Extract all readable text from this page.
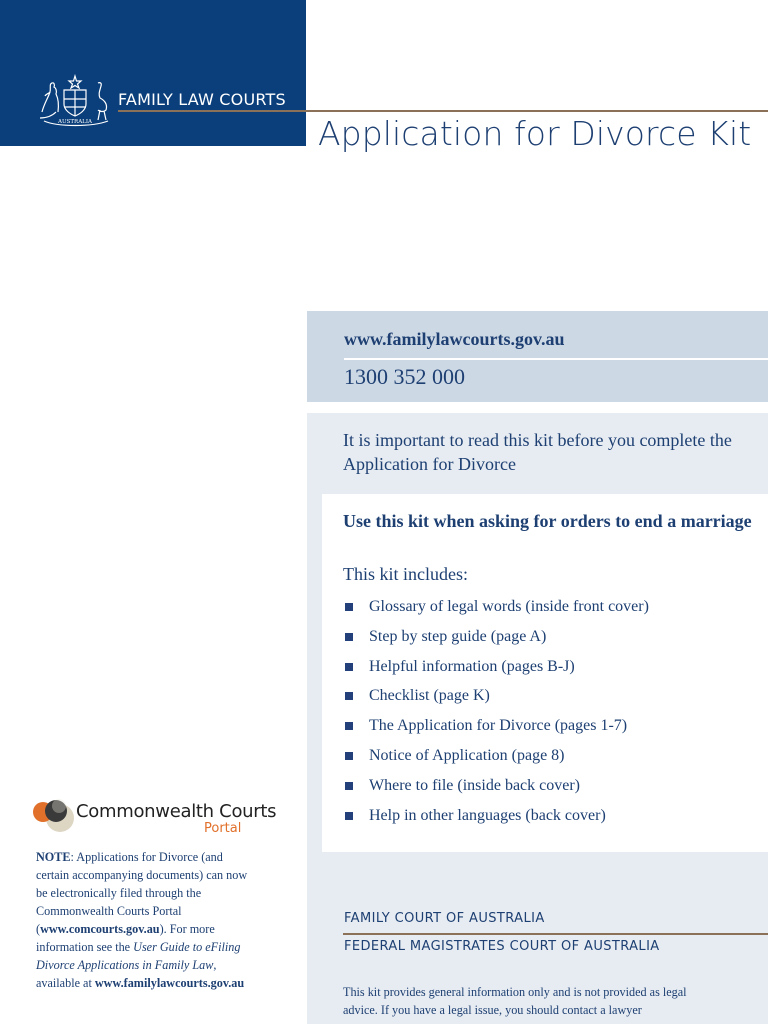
AUSTRALIA
FAMILY LAW COURTS
Application for Divorce Kit
www.familylawcourts.gov.au
1300 352 000
It is important to read this kit before you complete the Application for Divorce
Use this kit when asking for orders to end a marriage
This kit includes:
Glossary of legal words (inside front cover)
Step by step guide (page A)
Helpful information (pages B-J)
Checklist (page K)
The Application for Divorce (pages 1-7)
Notice of Application (page 8)
Where to file (inside back cover)
Help in other languages (back cover)
FAMILY COURT OF AUSTRALIA
FEDERAL MAGISTRATES COURT OF AUSTRALIA
This kit provides general information only and is not provided as legal advice. If you have a legal issue, you should contact a lawyer
Commonwealth Courts
Portal
NOTE: Applications for Divorce (and certain accompanying documents) can now be electronically filed through the Commonwealth Courts Portal (www.comcourts.gov.au). For more information see the User Guide to eFiling Divorce Applications in Family Law, available at www.familylawcourts.gov.au
